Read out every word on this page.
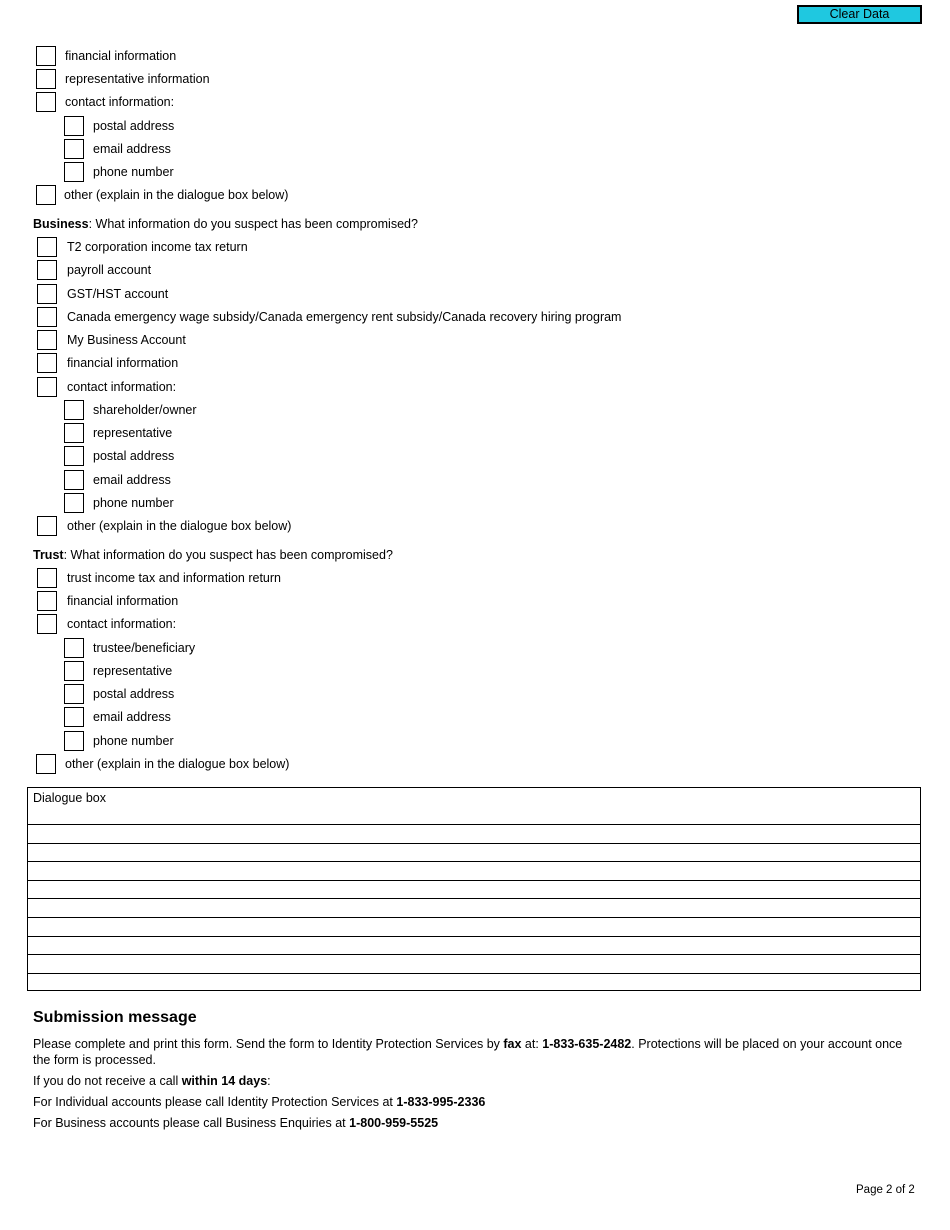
Clear Data
financial information
representative information
contact information:
postal address
email address
phone number
other (explain in the dialogue box below)
Business: What information do you suspect has been compromised?
T2 corporation income tax return
payroll account
GST/HST account
Canada emergency wage subsidy/Canada emergency rent subsidy/Canada recovery hiring program
My Business Account
financial information
contact information:
shareholder/owner
representative
postal address
email address
phone number
other (explain in the dialogue box below)
Trust: What information do you suspect has been compromised?
trust income tax and information return
financial information
contact information:
trustee/beneficiary
representative
postal address
email address
phone number
other (explain in the dialogue box below)
Dialogue box
Submission message
Please complete and print this form. Send the form to Identity Protection Services by fax at: 1-833-635-2482. Protections will be placed on your account once the form is processed.
If you do not receive a call within 14 days:
For Individual accounts please call Identity Protection Services at 1-833-995-2336
For Business accounts please call Business Enquiries at 1-800-959-5525
Page 2 of 2
